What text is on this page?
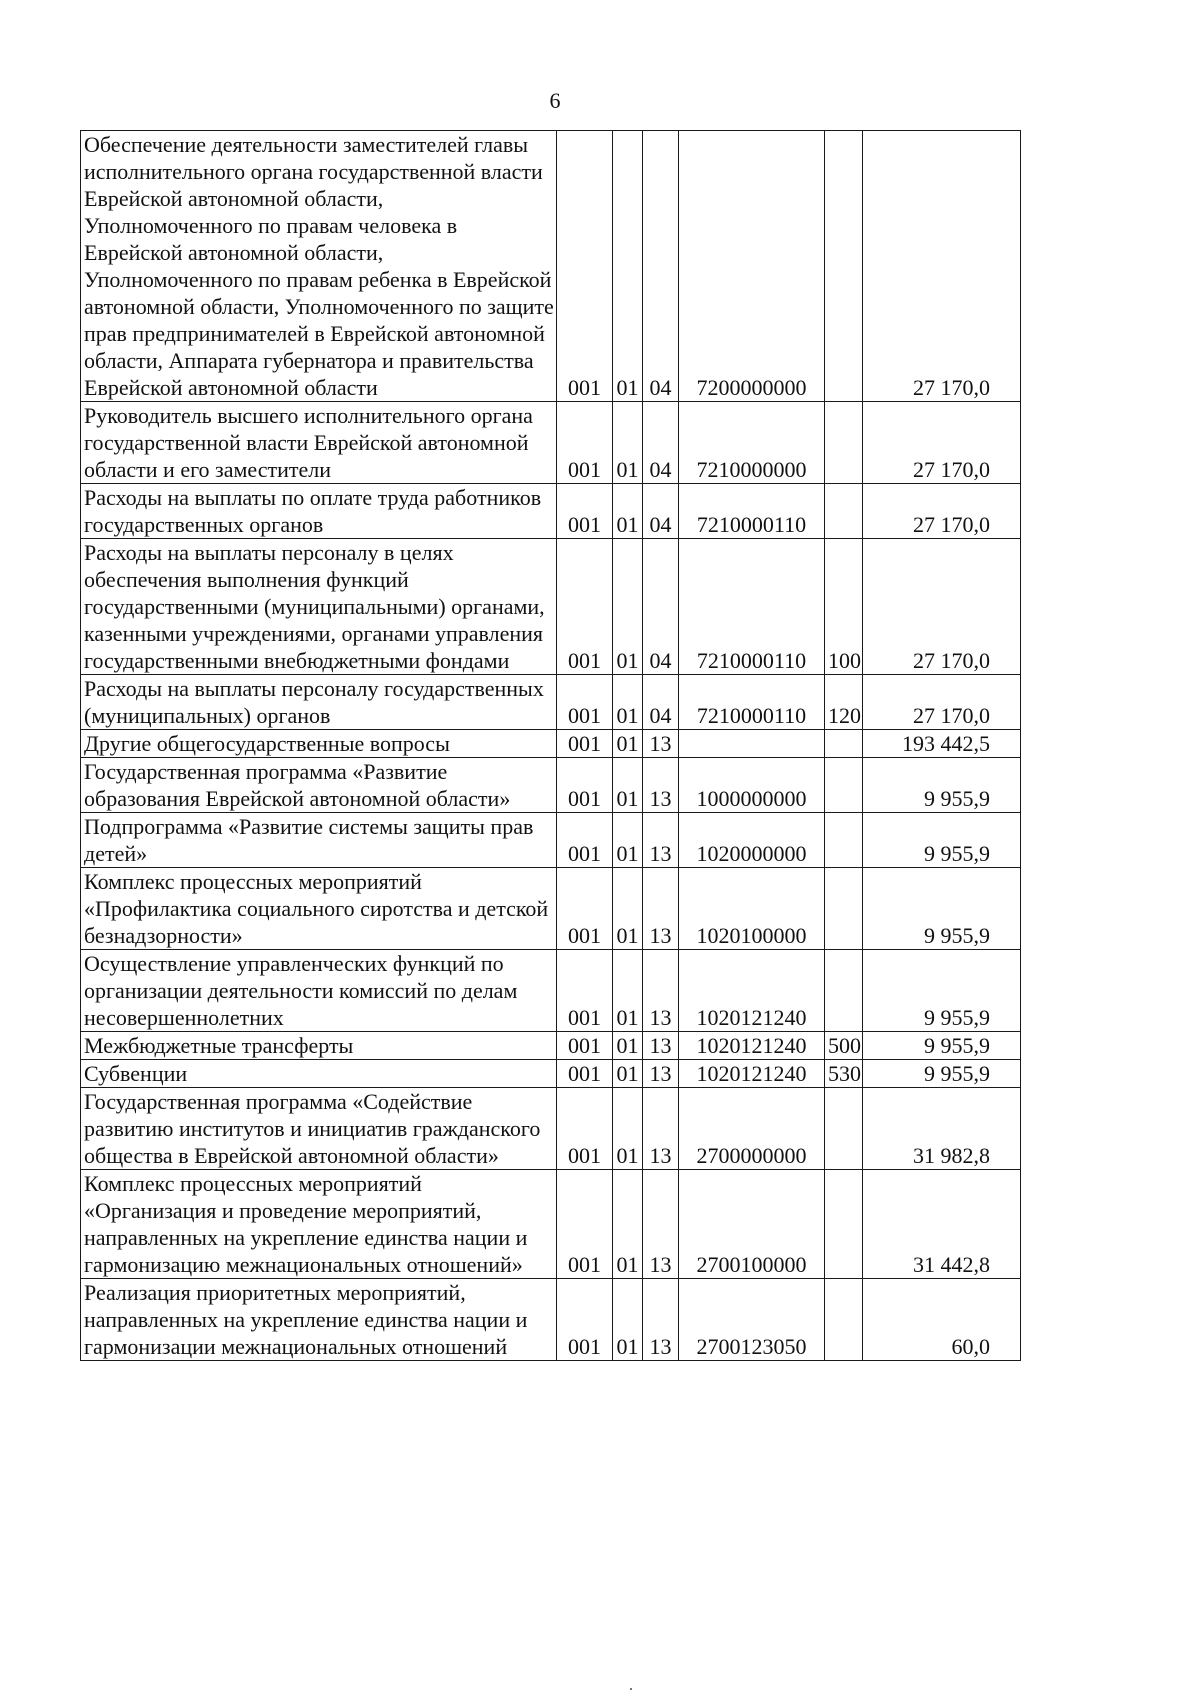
6
Обеспечение деятельности заместителей главы исполнительного органа государственной власти Еврейской автономной области, Уполномоченного по правам человека в Еврейской автономной области, Уполномоченного по правам ребенка в Еврейской автономной области, Уполномоченного по защите прав предпринимателей в Еврейской автономной области, Аппарата губернатора и правительства Еврейской автономной области	001	01	04	7200000000		27 170,0
Руководитель высшего исполнительного органа государственной власти Еврейской автономной области и его заместители	001	01	04	7210000000		27 170,0
Расходы на выплаты по оплате труда работников государственных органов	001	01	04	7210000110		27 170,0
Расходы на выплаты персоналу в целях обеспечения выполнения функций государственными (муниципальными) органами, казенными учреждениями, органами управления государственными внебюджетными фондами	001	01	04	7210000110	100	27 170,0
Расходы на выплаты персоналу государственных (муниципальных) органов	001	01	04	7210000110	120	27 170,0
Другие общегосударственные вопросы	001	01	13			193 442,5
Государственная программа «Развитие образования Еврейской автономной области»	001	01	13	1000000000		9 955,9
Подпрограмма «Развитие системы защиты прав детей»	001	01	13	1020000000		9 955,9
Комплекс процессных мероприятий «Профилактика социального сиротства и детской безнадзорности»	001	01	13	1020100000		9 955,9
Осуществление управленческих функций по организации деятельности комиссий по делам несовершеннолетних	001	01	13	1020121240		9 955,9
Межбюджетные трансферты	001	01	13	1020121240	500	9 955,9
Субвенции	001	01	13	1020121240	530	9 955,9
Государственная программа «Содействие развитию институтов и инициатив гражданского общества в Еврейской автономной области»	001	01	13	2700000000		31 982,8
Комплекс процессных мероприятий «Организация и проведение мероприятий, направленных на укрепление единства нации и гармонизацию межнациональных отношений»	001	01	13	2700100000		31 442,8
Реализация приоритетных мероприятий, направленных на укрепление единства нации и гармонизации межнациональных отношений	001	01	13	2700123050		60,0
